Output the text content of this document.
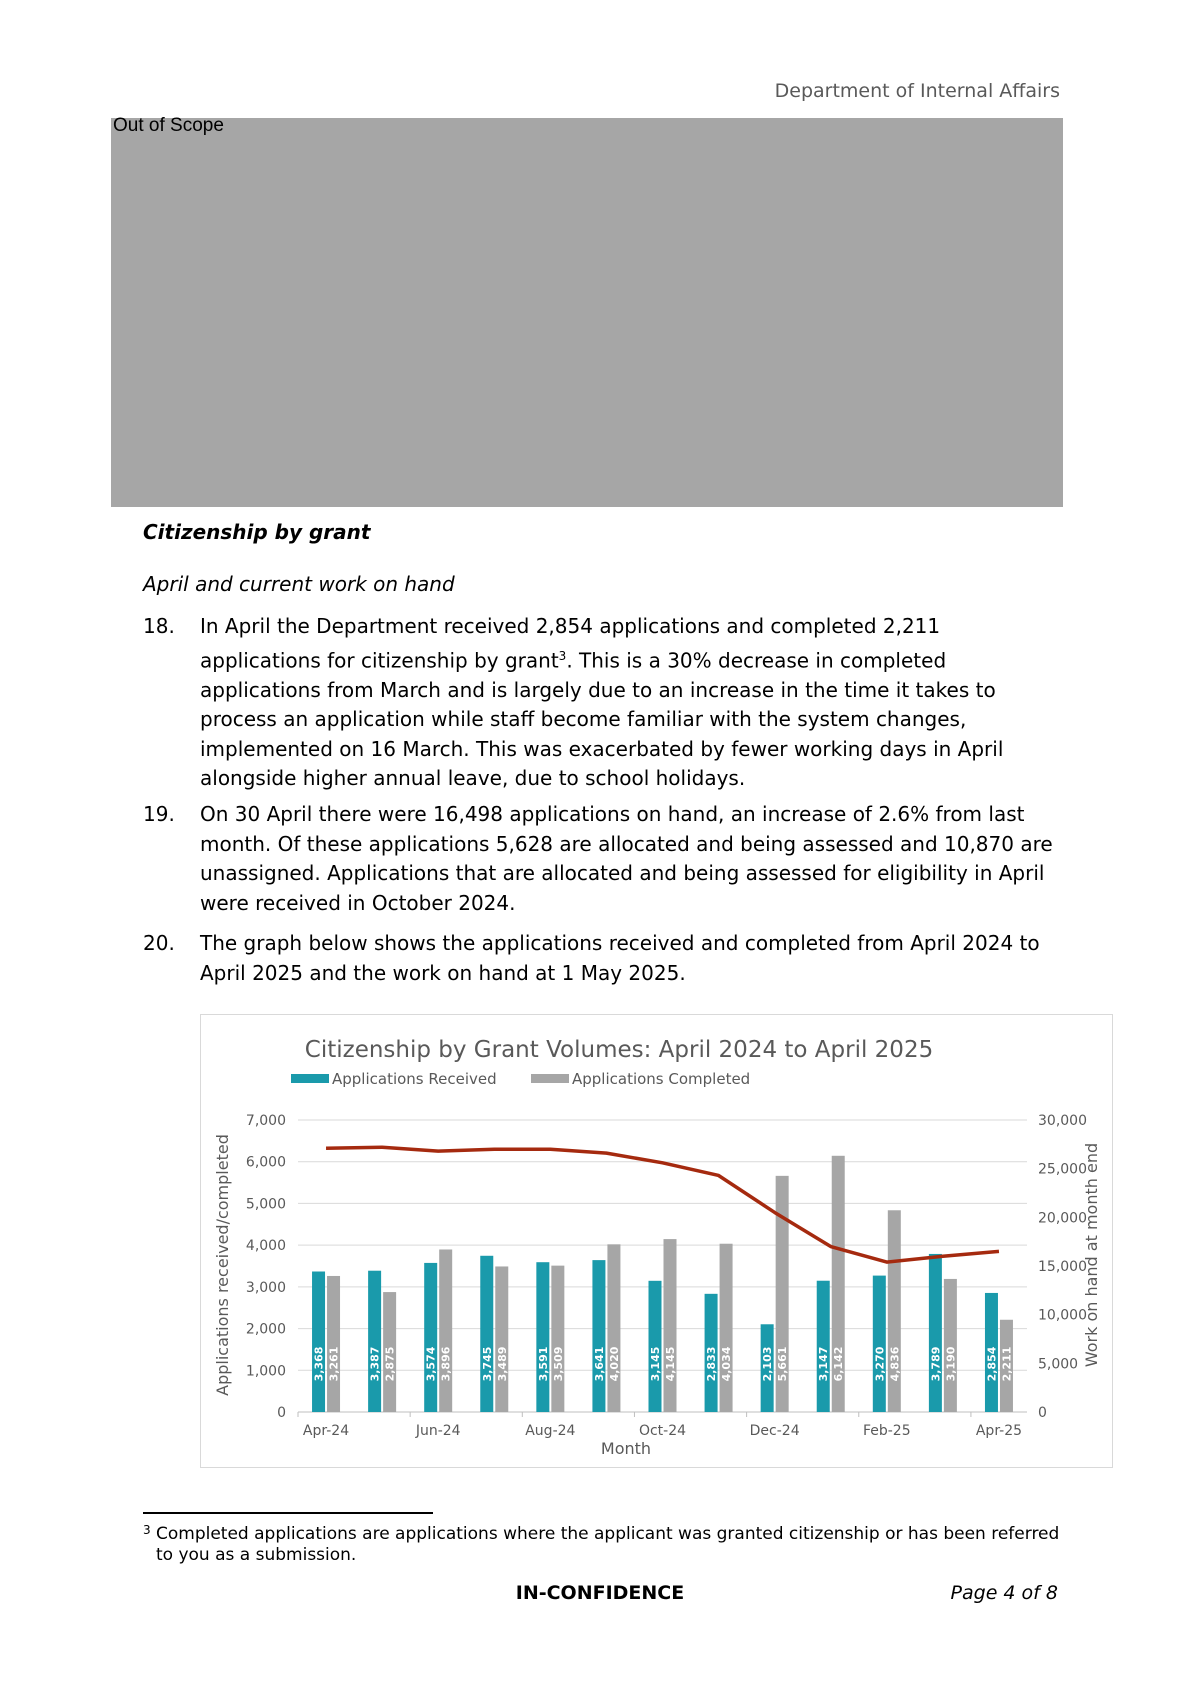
Department of Internal Affairs
Out of Scope
Citizenship by grant
April and current work on hand
18.	In April the Department received 2,854 applications and completed 2,211 applications for citizenship by grant$^3$. This is a 30% decrease in completed applications from March and is largely due to an increase in the time it takes to process an application while staff become familiar with the system changes, implemented on 16 March. This was exacerbated by fewer working days in April alongside higher annual leave, due to school holidays.
19.	On 30 April there were 16,498 applications on hand, an increase of 2.6% from last month. Of these applications 5,628 are allocated and being assessed and 10,870 are unassigned. Applications that are allocated and being assessed for eligibility in April were received in October 2024.
20.	The graph below shows the applications received and completed from April 2024 to April 2025 and the work on hand at 1 May 2025.
Citizenship by Grant Volumes: April 2024 to April 2025
Applications Received	Applications Completed
0
1,000
2,000
3,000
4,000
5,000
6,000
7,000
0
5,000
10,000
15,000
20,000
25,000
30,000
3,368 3,261	3,387 2,875	3,574 3,896	3,745 3,489	3,591 3,509	3,641 4,020	3,145 4,145	2,833 4,034	2,103 5,661	3,147 6,142	3,270 4,836	3,789 3,190	2,854 2,211
Apr-24	Jun-24	Aug-24	Oct-24	Dec-24	Feb-25	Apr-25
Month
Applications received/completed	Work on hand at month end
3 Completed applications are applications where the applicant was granted citizenship or has been referred to you as a submission.
IN-CONFIDENCE	Page 4 of 8
